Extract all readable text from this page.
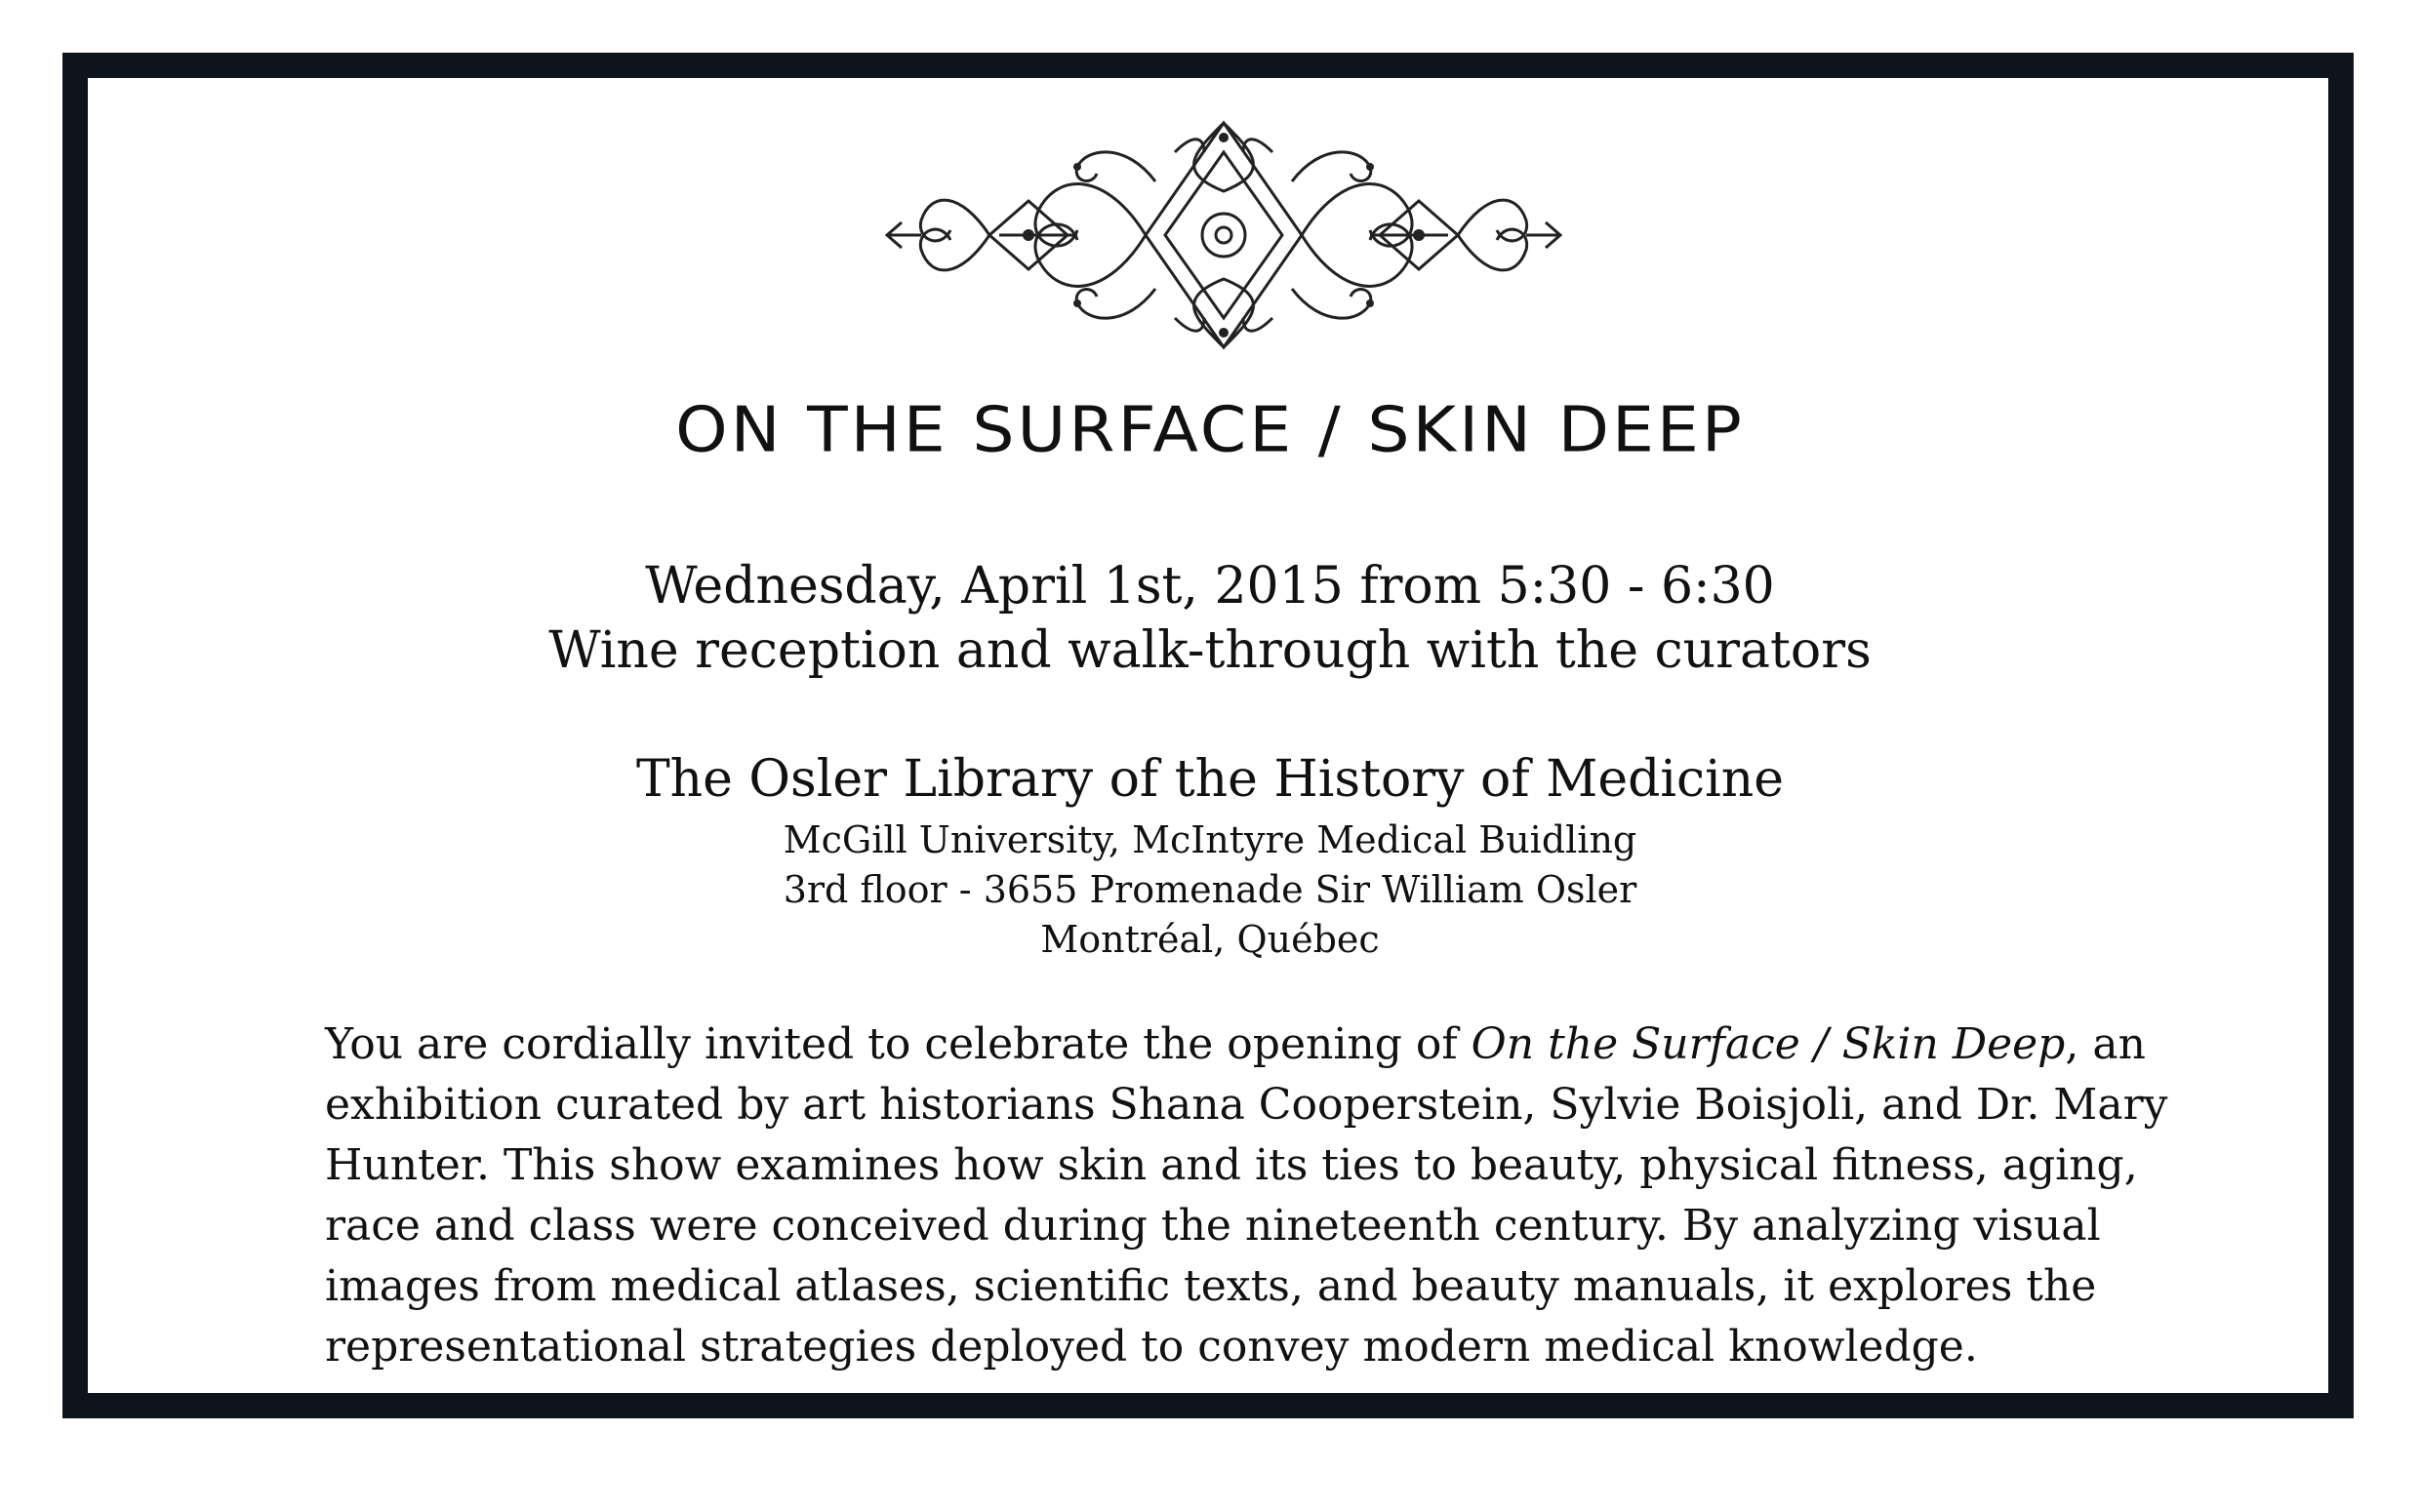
ON THE SURFACE / SKIN DEEP
Wednesday, April 1st, 2015 from 5:30 - 6:30
Wine reception and walk-through with the curators
The Osler Library of the History of Medicine
McGill University, McIntyre Medical Buidling
3rd floor - 3655 Promenade Sir William Osler
Montréal, Québec
You are cordially invited to celebrate the opening of On the Surface / Skin Deep, an
exhibition curated by art historians Shana Cooperstein, Sylvie Boisjoli, and Dr. Mary
Hunter. This show examines how skin and its ties to beauty, physical fitness, aging,
race and class were conceived during the nineteenth century. By analyzing visual
images from medical atlases, scientific texts, and beauty manuals, it explores the
representational strategies deployed to convey modern medical knowledge.
